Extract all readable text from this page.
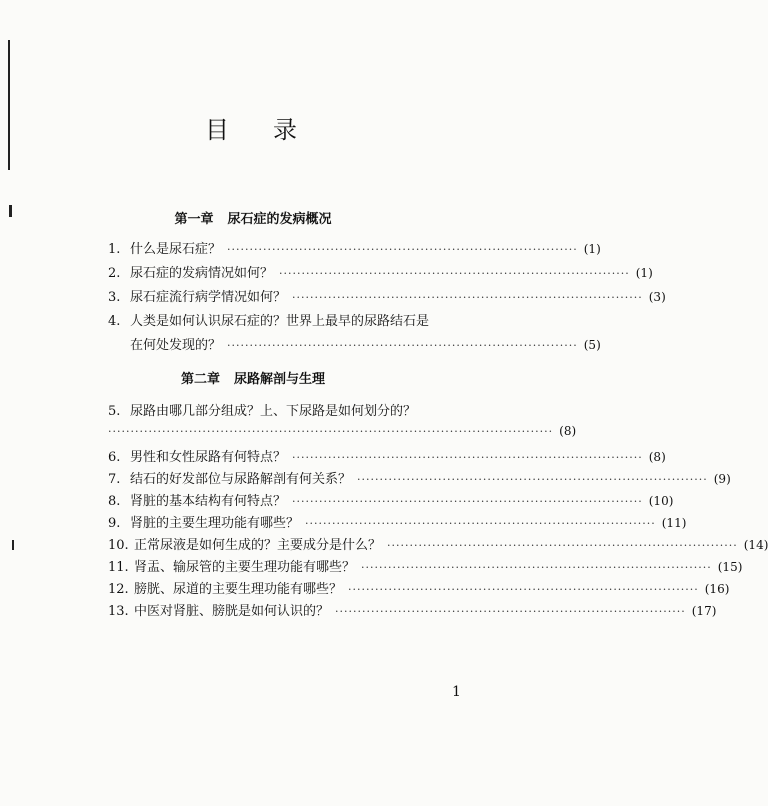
目 录
第一章 尿石症的发病概况
1. 什么是尿石症？ ·············································································· (1)
2. 尿石症的发病情况如何？ ·············································································· (1)
3. 尿石症流行病学情况如何？ ·············································································· (3)
4. 人类是如何认识尿石症的？世界上最早的尿路结石是
在何处发现的？ ·············································································· (5)
第二章 尿路解剖与生理
5. 尿路由哪几部分组成？上、下尿路是如何划分的？
··································································································· (8)
6. 男性和女性尿路有何特点？ ·············································································· (8)
7. 结石的好发部位与尿路解剖有何关系？ ·············································································· (9)
8. 肾脏的基本结构有何特点？ ·············································································· (10)
9. 肾脏的主要生理功能有哪些？ ·············································································· (11)
10. 正常尿液是如何生成的？主要成分是什么？ ·············································································· (14)
11. 肾盂、输尿管的主要生理功能有哪些？ ·············································································· (15)
12. 膀胱、尿道的主要生理功能有哪些？ ·············································································· (16)
13. 中医对肾脏、膀胱是如何认识的？ ·············································································· (17)
1
